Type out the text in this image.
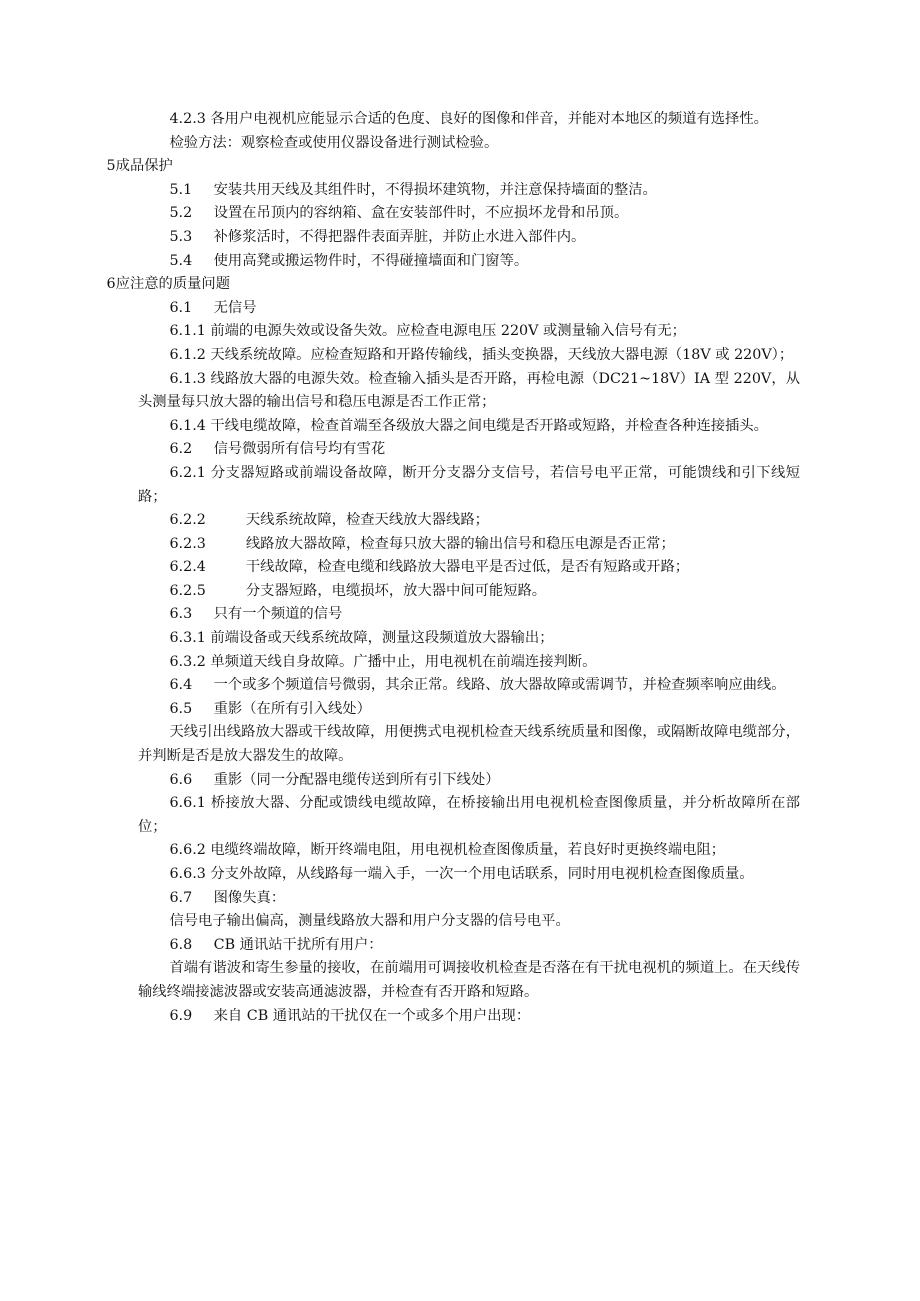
4.2.3 各用户电视机应能显示合适的色度、良好的图像和伴音，并能对本地区的频道有选择性。

检验方法：观察检查或使用仪器设备进行测试检验。

5成品保护

5.1 安装共用天线及其组件时，不得损坏建筑物，并注意保持墙面的整洁。

5.2 设置在吊顶内的容纳箱、盒在安装部件时，不应损坏龙骨和吊顶。

5.3 补修浆活时，不得把器件表面弄脏，并防止水进入部件内。

5.4 使用高凳或搬运物件时，不得碰撞墙面和门窗等。

6应注意的质量问题

6.1 无信号

6.1.1 前端的电源失效或设备失效。应检查电源电压 220V 或测量输入信号有无；

6.1.2 天线系统故障。应检查短路和开路传输线，插头变换器，天线放大器电源（18V 或 220V）；

6.1.3 线路放大器的电源失效。检查输入插头是否开路，再检电源（DC21~18V）IA 型 220V，从头测量每只放大器的输出信号和稳压电源是否工作正常；

6.1.4 干线电缆故障，检查首端至各级放大器之间电缆是否开路或短路，并检查各种连接插头。

6.2 信号微弱所有信号均有雪花

6.2.1 分支器短路或前端设备故障，断开分支器分支信号，若信号电平正常，可能馈线和引下线短路；

6.2.2	天线系统故障，检查天线放大器线路；

6.2.3	线路放大器故障，检查每只放大器的输出信号和稳压电源是否正常；

6.2.4	干线故障，检查电缆和线路放大器电平是否过低，是否有短路或开路；

6.2.5	分支器短路，电缆损坏，放大器中间可能短路。

6.3 只有一个频道的信号

6.3.1 前端设备或天线系统故障，测量这段频道放大器输出；

6.3.2 单频道天线自身故障。广播中止，用电视机在前端连接判断。

6.4 一个或多个频道信号微弱，其余正常。线路、放大器故障或需调节，并检查频率响应曲线。

6.5 重影（在所有引入线处）

天线引出线路放大器或干线故障，用便携式电视机检查天线系统质量和图像，或隔断故障电缆部分，并判断是否是放大器发生的故障。

6.6 重影（同一分配器电缆传送到所有引下线处）

6.6.1 桥接放大器、分配或馈线电缆故障，在桥接输出用电视机检查图像质量，并分析故障所在部位；

6.6.2 电缆终端故障，断开终端电阻，用电视机检查图像质量，若良好时更换终端电阻；

6.6.3 分支外故障，从线路每一端入手，一次一个用电话联系，同时用电视机检查图像质量。

6.7 图像失真：

信号电子输出偏高，测量线路放大器和用户分支器的信号电平。

6.8 CB 通讯站干扰所有用户：

首端有谐波和寄生参量的接收，在前端用可调接收机检查是否落在有干扰电视机的频道上。在天线传输线终端接滤波器或安装高通滤波器，并检查有否开路和短路。

6.9 来自 CB 通讯站的干扰仅在一个或多个用户出现：
